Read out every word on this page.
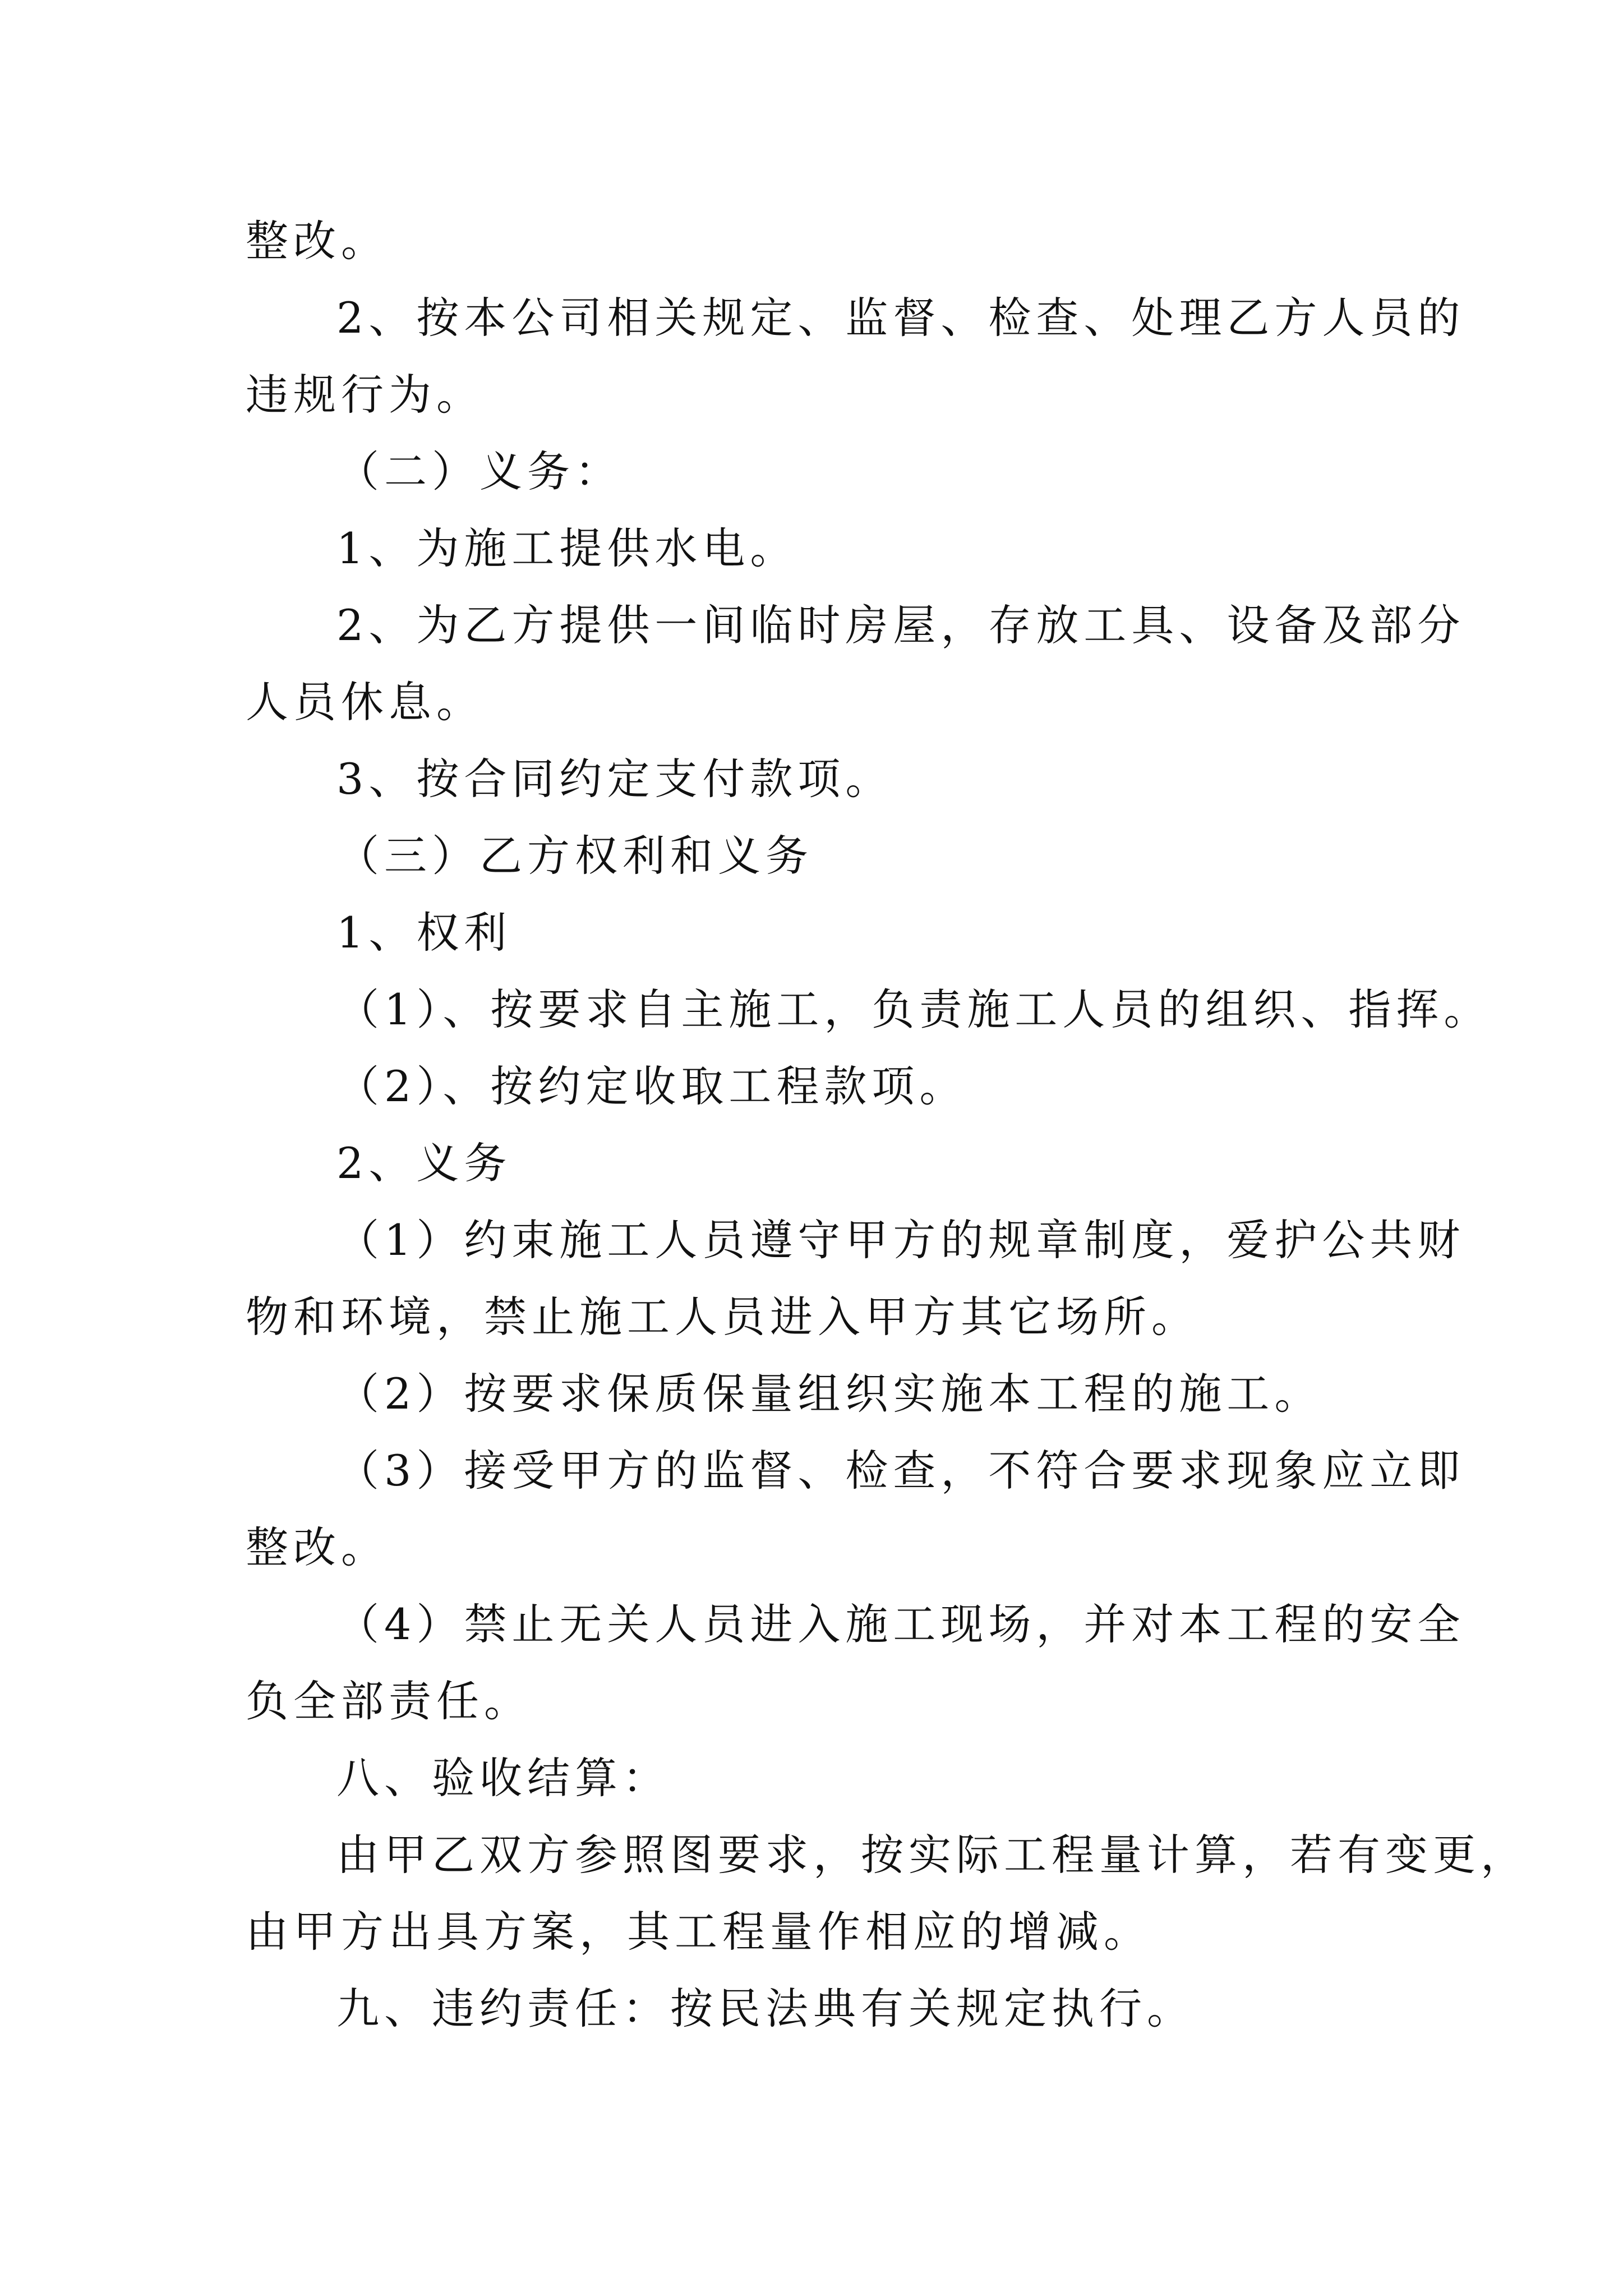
整改。
2、按本公司相关规定、监督、检查、处理乙方人员的
违规行为。
（二）义务：
1、为施工提供水电。
2、为乙方提供一间临时房屋，存放工具、设备及部分
人员休息。
3、按合同约定支付款项。
（三）乙方权利和义务
1、权利
（1）、按要求自主施工，负责施工人员的组织、指挥。
（2）、按约定收取工程款项。
2、义务
（1）约束施工人员遵守甲方的规章制度，爱护公共财
物和环境，禁止施工人员进入甲方其它场所。
（2）按要求保质保量组织实施本工程的施工。
（3）接受甲方的监督、检查，不符合要求现象应立即
整改。
（4）禁止无关人员进入施工现场，并对本工程的安全
负全部责任。
八、验收结算：
由甲乙双方参照图要求，按实际工程量计算，若有变更，
由甲方出具方案，其工程量作相应的增减。
九、违约责任：按民法典有关规定执行。
